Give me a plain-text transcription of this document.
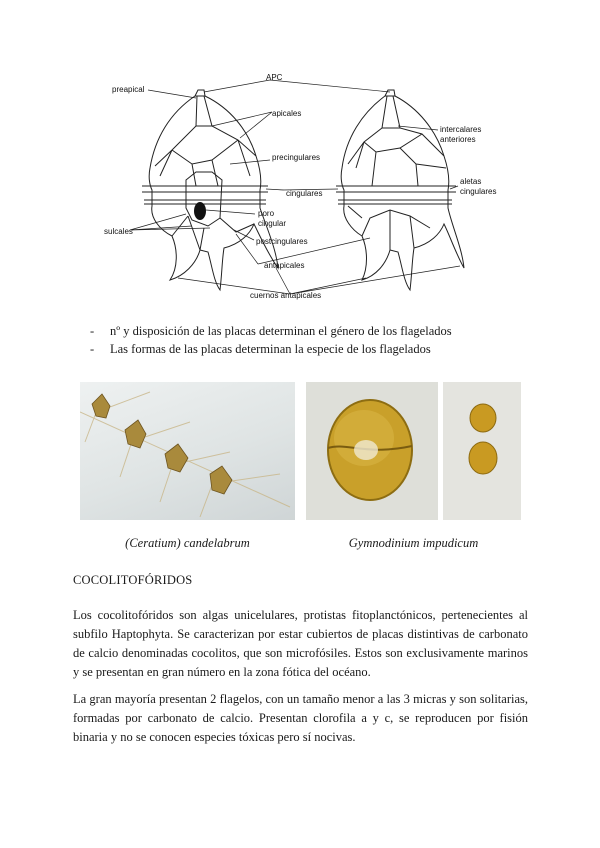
APC
preapical
apicales
intercalares
anteriores
precingulares
cingulares
aletas
cingulares
poro
cingular
sulcales
postcingulares
antapicales
cuernos antapicales
-	nº y disposición de las placas determinan el género de los flagelados
-	Las formas de las placas determinan la especie de los flagelados
(Ceratium) candelabrum	Gymnodinium impudicum
COCOLITOFÓRIDOS

Los cocolitofóridos son algas unicelulares, protistas fitoplanctónicos, pertenecientes al subfilo Haptophyta. Se caracterizan por estar cubiertos de placas distintivas de carbonato de calcio denominadas cocolitos, que son microfósiles. Estos son exclusivamente marinos y se presentan en gran número en la zona fótica del océano.

La gran mayoría presentan 2 flagelos, con un tamaño menor a las 3 micras y son solitarias, formadas por carbonato de calcio. Presentan clorofila a y c, se reproducen por fisión binaria y no se conocen especies tóxicas pero sí nocivas.
